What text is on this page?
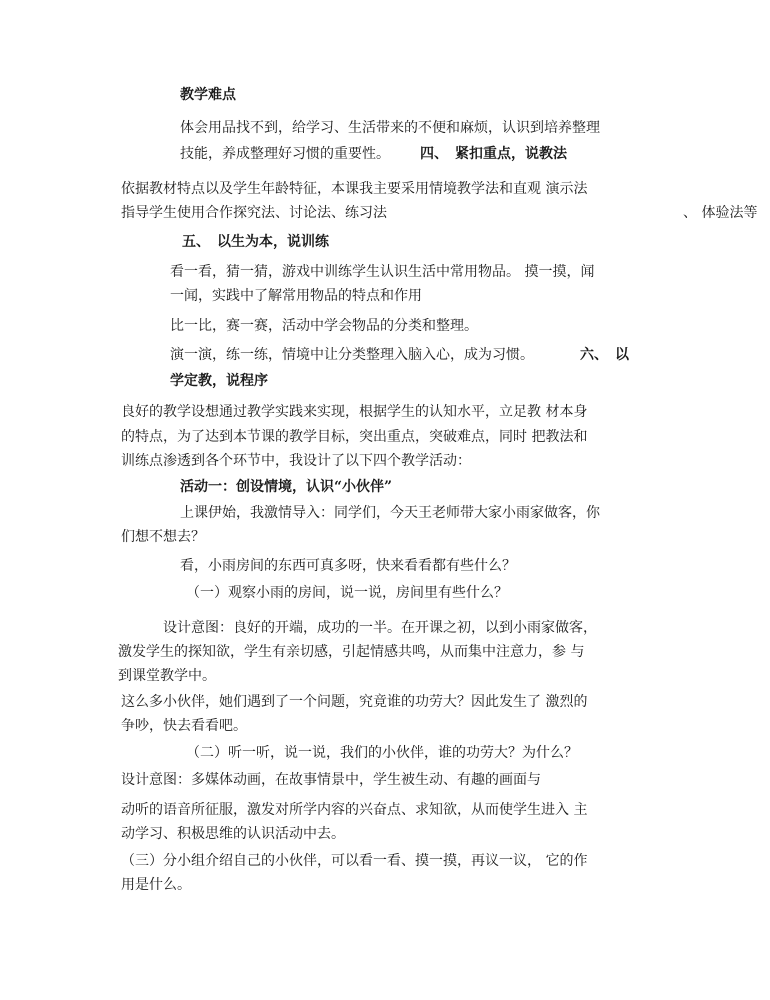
教学难点
体会用品找不到，给学习、生活带来的不便和麻烦，认识到培养整理
技能，养成整理好习惯的重要性。 四、　紧扣重点，说教法
依据教材特点以及学生年龄特征，本课我主要采用情境教学法和直观 演示法
指导学生使用合作探究法、讨论法、练习法	、 体验法等
五、　以生为本，说训练
看一看，猜一猜，游戏中训练学生认识生活中常用物品。 摸一摸，闻
一闻，实践中了解常用物品的特点和作用
比一比，赛一赛，活动中学会物品的分类和整理。
演一演，练一练，情境中让分类整理入脑入心，成为习惯。	六、　以
学定教，说程序
良好的教学设想通过教学实践来实现，根据学生的认知水平，立足教 材本身
的特点，为了达到本节课的教学目标，突出重点，突破难点，同时 把教法和
训练点渗透到各个环节中，我设计了以下四个教学活动：
活动一：创设情境，认识“小伙伴”
上课伊始，我激情导入：同学们，今天王老师带大家小雨家做客，你
们想不想去？
看，小雨房间的东西可真多呀，快来看看都有些什么？
（一）观察小雨的房间，说一说，房间里有些什么？
设计意图：良好的开端，成功的一半。在开课之初，以到小雨家做客，
激发学生的探知欲，学生有亲切感，引起情感共鸣，从而集中注意力，参 与
到课堂教学中。
这么多小伙伴，她们遇到了一个问题，究竟谁的功劳大？因此发生了 激烈的
争吵，快去看看吧。
（二）听一听，说一说，我们的小伙伴，谁的功劳大？为什么？
设计意图：多媒体动画，在故事情景中，学生被生动、有趣的画面与
动听的语音所征服，激发对所学内容的兴奋点、求知欲，从而使学生进入 主
动学习、积极思维的认识活动中去。
（三）分小组介绍自己的小伙伴，可以看一看、摸一摸，再议一议， 它的作
用是什么。
